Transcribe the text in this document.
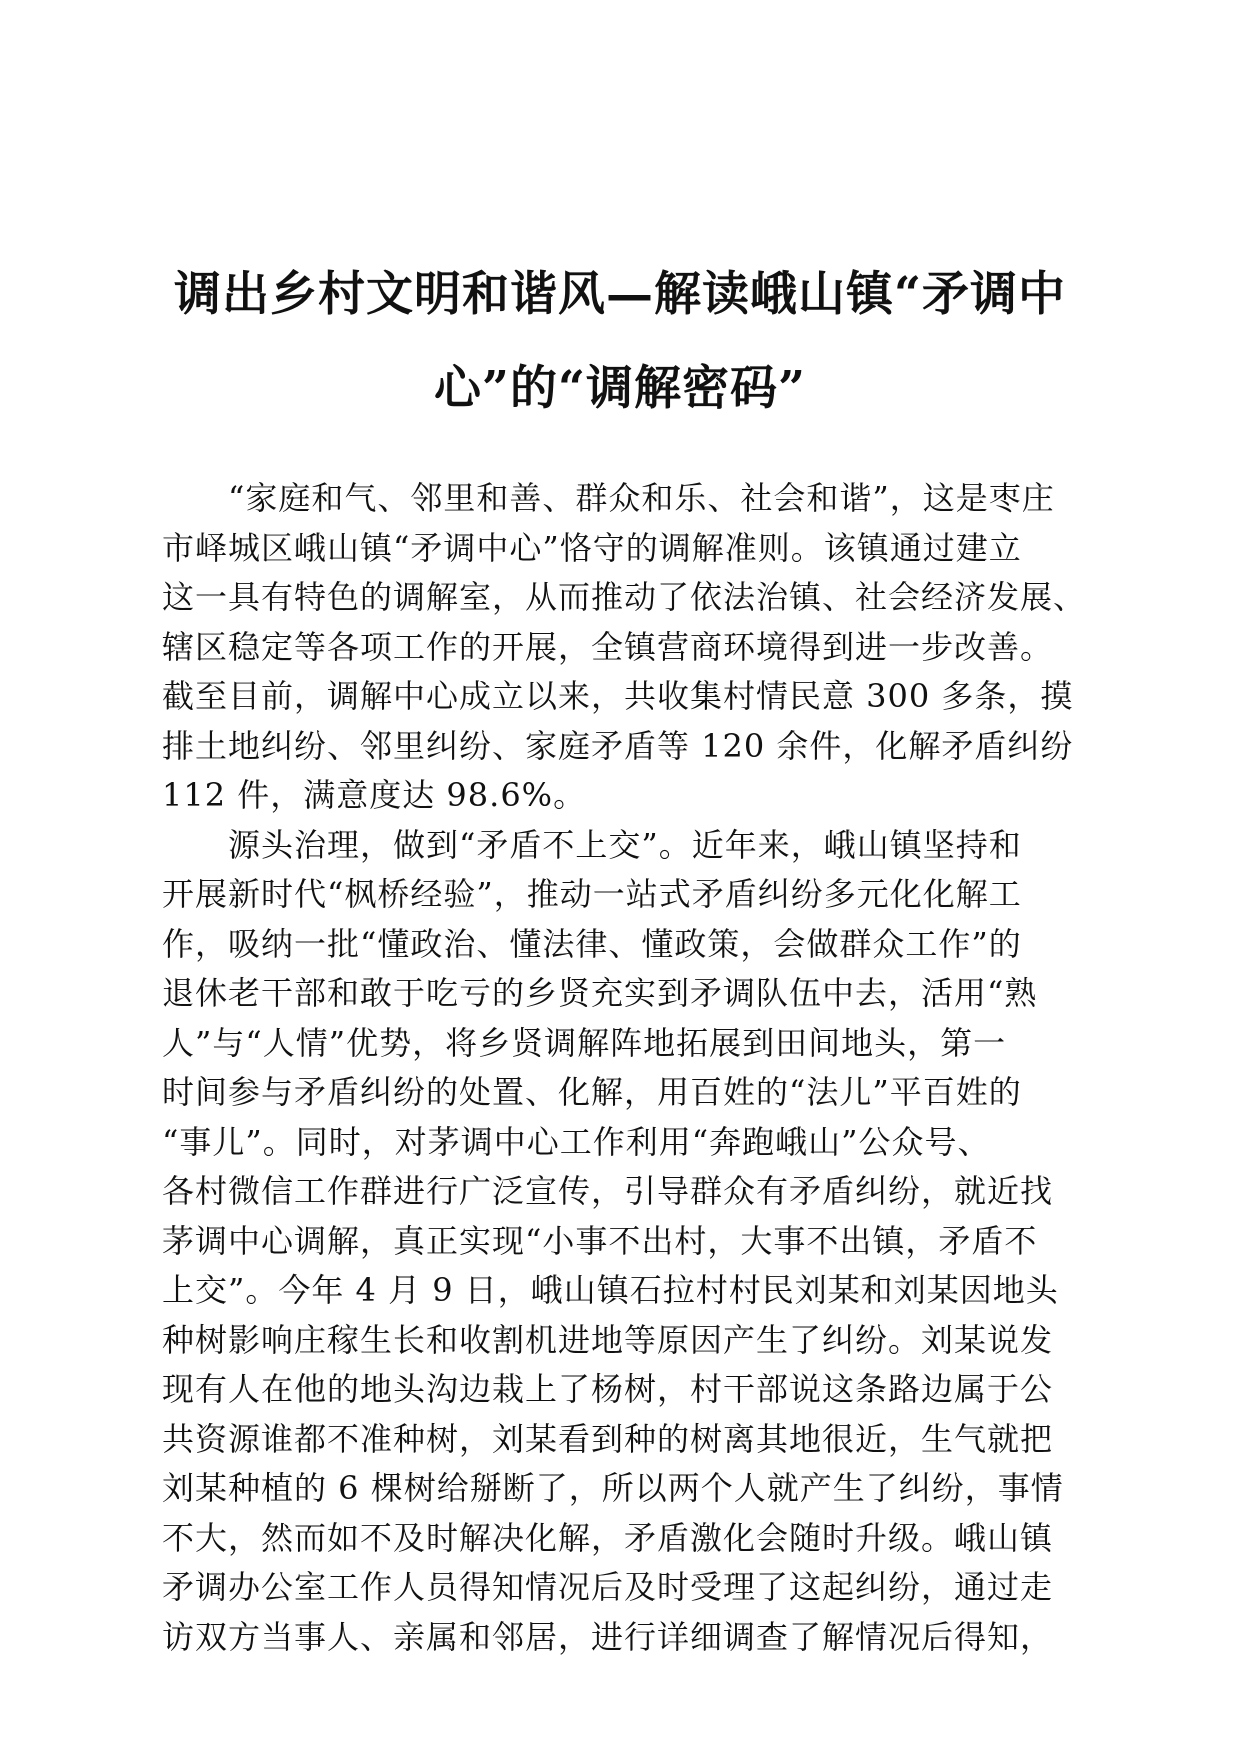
调出乡村文明和谐风—解读峨山镇“矛调中
心”的“调解密码”

　　“家庭和气、邻里和善、群众和乐、社会和谐”，这是枣庄
市峄城区峨山镇“矛调中心”恪守的调解准则。该镇通过建立
这一具有特色的调解室，从而推动了依法治镇、社会经济发展、
辖区稳定等各项工作的开展，全镇营商环境得到进一步改善。
截至目前，调解中心成立以来，共收集村情民意 300 多条，摸
排土地纠纷、邻里纠纷、家庭矛盾等 120 余件，化解矛盾纠纷
112 件，满意度达 98.6%。

　　源头治理，做到“矛盾不上交”。近年来，峨山镇坚持和
开展新时代“枫桥经验”，推动一站式矛盾纠纷多元化化解工
作，吸纳一批“懂政治、懂法律、懂政策，会做群众工作”的
退休老干部和敢于吃亏的乡贤充实到矛调队伍中去，活用“熟
人”与“人情”优势，将乡贤调解阵地拓展到田间地头，第一
时间参与矛盾纠纷的处置、化解，用百姓的“法儿”平百姓的
“事儿”。同时，对茅调中心工作利用“奔跑峨山”公众号、
各村微信工作群进行广泛宣传，引导群众有矛盾纠纷，就近找
茅调中心调解，真正实现“小事不出村，大事不出镇，矛盾不
上交”。今年 4 月 9 日，峨山镇石拉村村民刘某和刘某因地头
种树影响庄稼生长和收割机进地等原因产生了纠纷。刘某说发
现有人在他的地头沟边栽上了杨树，村干部说这条路边属于公
共资源谁都不准种树，刘某看到种的树离其地很近，生气就把
刘某种植的 6 棵树给掰断了，所以两个人就产生了纠纷，事情
不大，然而如不及时解决化解，矛盾激化会随时升级。峨山镇
矛调办公室工作人员得知情况后及时受理了这起纠纷，通过走
访双方当事人、亲属和邻居，进行详细调查了解情况后得知，
